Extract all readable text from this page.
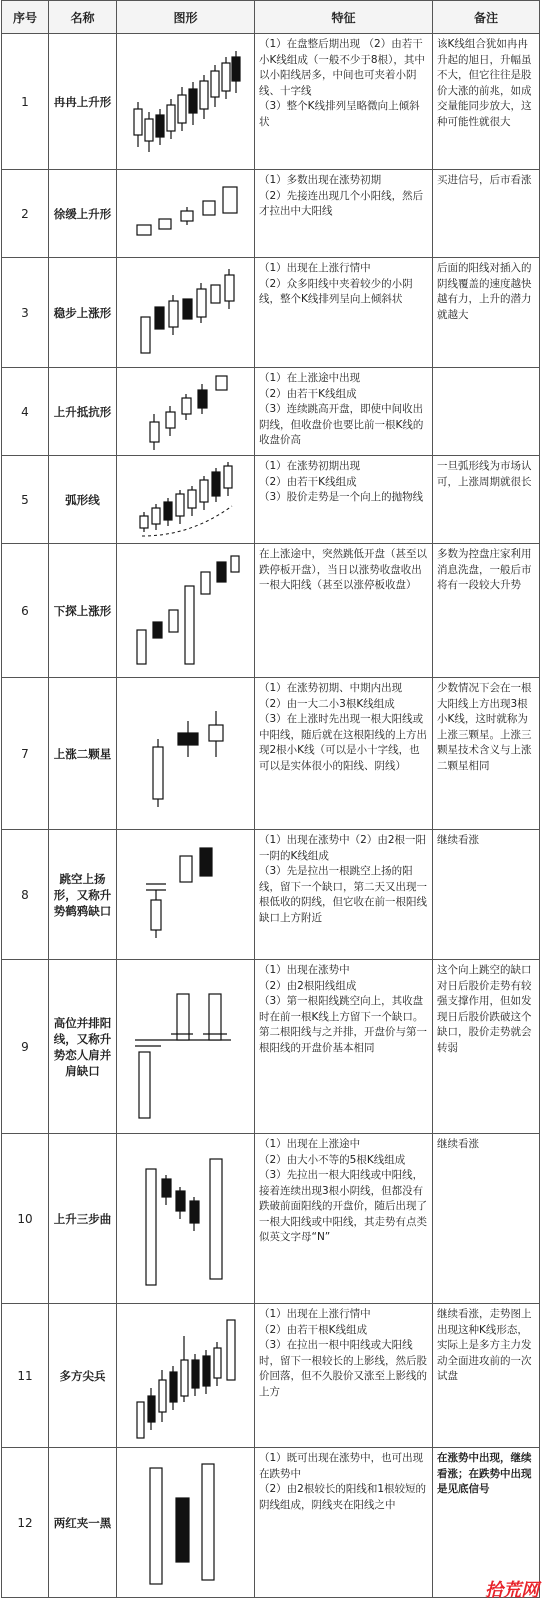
序号	名称	图形	特征	备注
1	冉冉上升形		（1）在盘整后期出现 （2）由若干小K线组成（一般不少于8根），其中以小阳线居多，中间也可夹着小阴线、十字线
（3）整个K线排列呈略微向上倾斜状	该K线组合犹如冉冉升起的旭日，升幅虽不大，但它往往是股价大涨的前兆，如成交量能同步放大，这种可能性就很大

2	徐缓上升形		（1）多数出现在涨势初期
（2）先接连出现几个小阳线，然后才拉出中大阳线	买进信号，后市看涨

3	稳步上涨形		（1）出现在上涨行情中
（2）众多阳线中夹着较少的小阴线，整个K线排列呈向上倾斜状	后面的阳线对插入的阴线覆盖的速度越快越有力，上升的潜力就越大

4	上升抵抗形		（1）在上涨途中出现
（2）由若干K线组成
（3）连续跳高开盘，即使中间收出阴线，但收盘价也要比前一根K线的收盘价高	

5	弧形线		（1）在涨势初期出现
（2）由若干K线组成
（3）股价走势是一个向上的抛物线	一旦弧形线为市场认可，上涨周期就很长

6	下探上涨形		在上涨途中，突然跳低开盘（甚至以跌停板开盘），当日以涨势收盘收出一根大阳线（甚至以涨停板收盘）	多数为控盘庄家利用消息洗盘，一般后市将有一段较大升势

7	上涨二颗星		（1）在涨势初期、中期内出现
（2）由一大二小3根K线组成
（3）在上涨时先出现一根大阳线或中阳线，随后就在这根阳线的上方出现2根小K线（可以是小十字线，也可以是实体很小的阳线、阴线）	少数情况下会在一根大阳线上方出现3根小K线，这时就称为上涨三颗星。上涨三颗星技术含义与上涨二颗星相同

8	跳空上扬形，又称升势鹤鸦缺口		（1）出现在涨势中（2）由2根一阳一阴的K线组成
（3）先是拉出一根跳空上扬的阳线，留下一个缺口，第二天又出现一根低收的阴线，但它收在前一根阳线缺口上方附近	继续看涨

9	高位并排阳线，又称升势恋人肩并肩缺口		（1）出现在涨势中
（2）由2根阳线组成
（3）第一根阳线跳空向上，其收盘时在前一根K线上方留下一个缺口。第二根阳线与之并排，开盘价与第一根阳线的开盘价基本相同	这个向上跳空的缺口对日后股价走势有较强支撑作用，但如发现日后股价跌破这个缺口，股价走势就会转弱

10	上升三步曲		（1）出现在上涨途中
（2）由大小不等的5根K线组成
（3）先拉出一根大阳线或中阳线，接着连续出现3根小阴线，但都没有跌破前面阳线的开盘价，随后出现了一根大阳线或中阳线，其走势有点类似英文字母“N”	继续看涨

11	多方尖兵		（1）出现在上涨行情中
（2）由若干根K线组成
（3）在拉出一根中阳线或大阳线时，留下一根较长的上影线，然后股价回落，但不久股价又涨至上影线的上方	继续看涨，走势图上出现这种K线形态，实际上是多方主力发动全面进攻前的一次试盘

12	两红夹一黑		（1）既可出现在涨势中，也可出现在跌势中
（2）由2根较长的阳线和1根较短的阴线组成，阴线夹在阳线之中	在涨势中出现，继续看涨；在跌势中出现是见底信号
拾荒网
